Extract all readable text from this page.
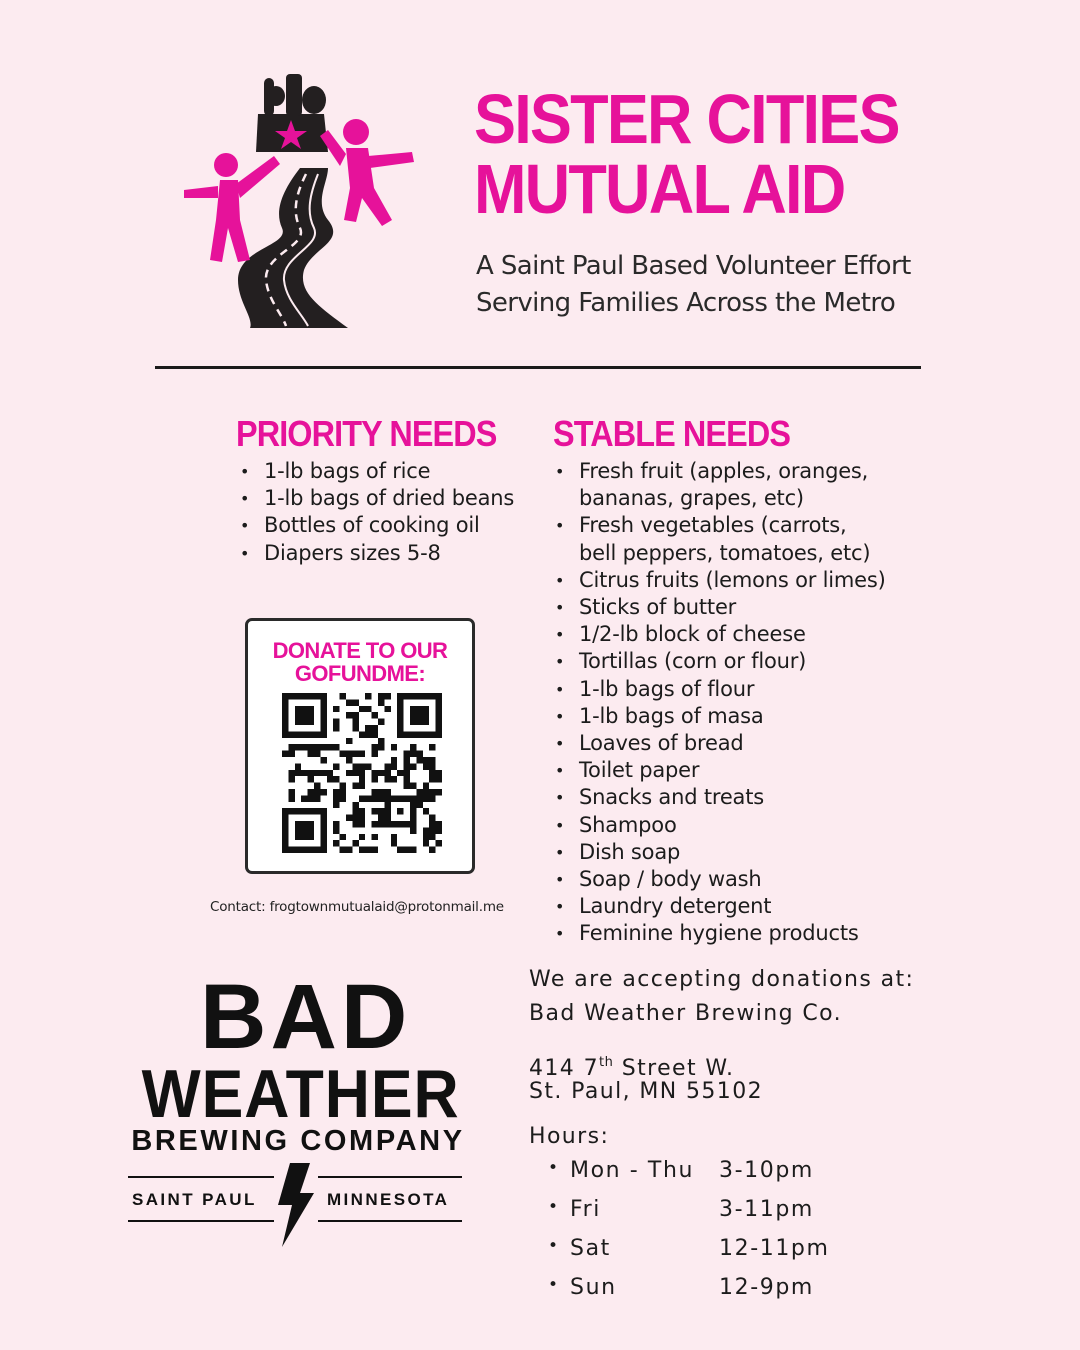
SISTER CITIES
MUTUAL AID
A Saint Paul Based Volunteer Effort
Serving Families Across the Metro
PRIORITY NEEDS
• 1-lb bags of rice
• 1-lb bags of dried beans
• Bottles of cooking oil
• Diapers sizes 5-8
STABLE NEEDS
• Fresh fruit (apples, oranges,
bananas, grapes, etc)
• Fresh vegetables (carrots,
bell peppers, tomatoes, etc)
• Citrus fruits (lemons or limes)
• Sticks of butter
• 1/2-lb block of cheese
• Tortillas (corn or flour)
• 1-lb bags of flour
• 1-lb bags of masa
• Loaves of bread
• Toilet paper
• Snacks and treats
• Shampoo
• Dish soap
• Soap / body wash
• Laundry detergent
• Feminine hygiene products
DONATE TO OUR
GOFUNDME:
Contact: frogtownmutualaid@protonmail.me
BAD
WEATHER
BREWING COMPANY
SAINT PAUL	MINNESOTA
We are accepting donations at:
Bad Weather Brewing Co.
414 7th Street W.
St. Paul, MN 55102
Hours:
• Mon - Thu 3-10pm
• Fri	3-11pm
• Sat	12-11pm
• Sun	12-9pm
